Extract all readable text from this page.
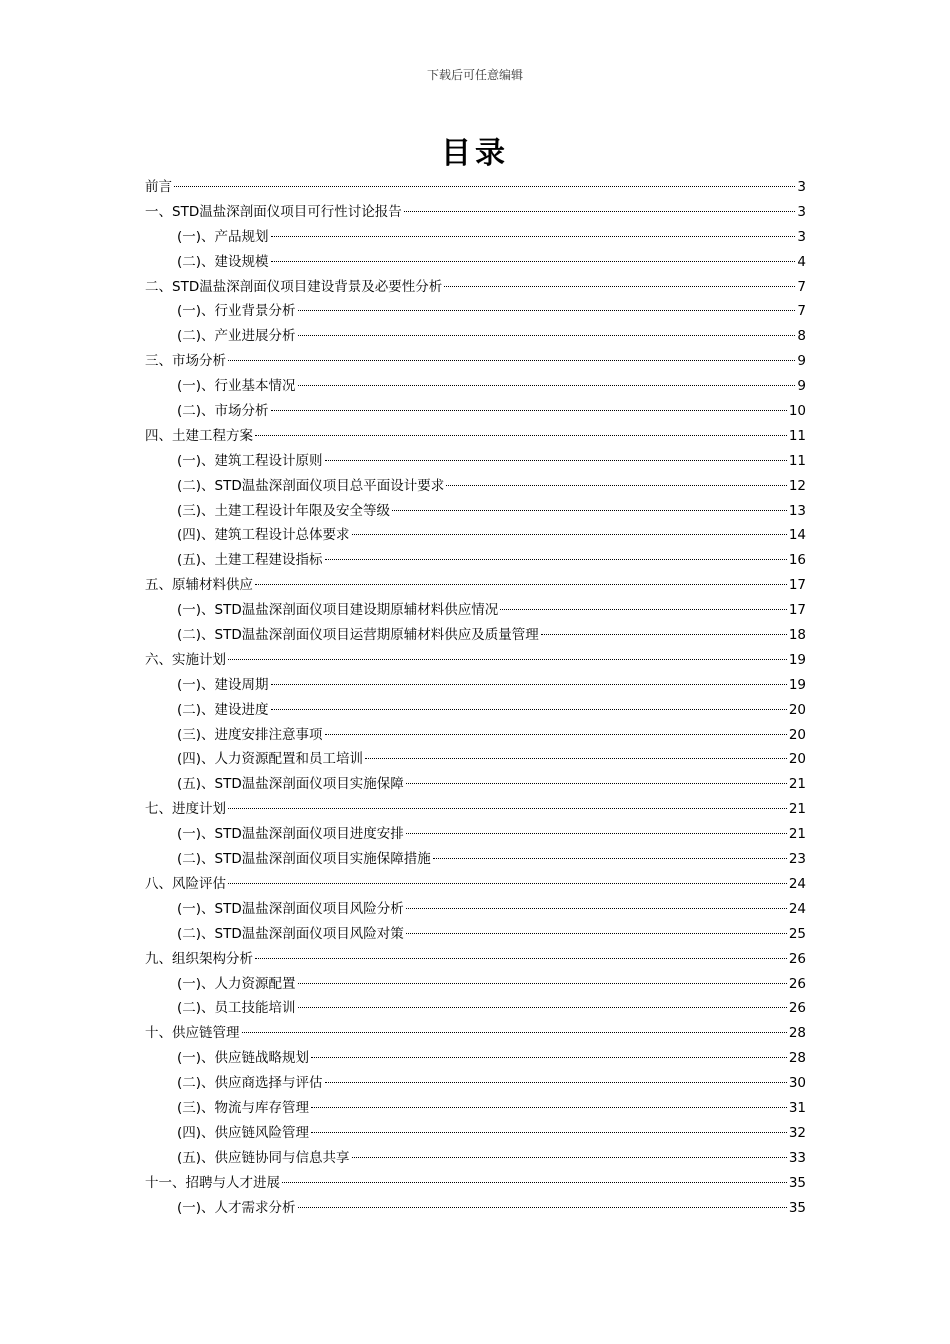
下载后可任意编辑
目录
前言	3
一、STD温盐深剖面仪项目可行性讨论报告	3
(一)、产品规划	3
(二)、建设规模	4
二、STD温盐深剖面仪项目建设背景及必要性分析	7
(一)、行业背景分析	7
(二)、产业进展分析	8
三、市场分析	9
(一)、行业基本情况	9
(二)、市场分析	10
四、土建工程方案	11
(一)、建筑工程设计原则	11
(二)、STD温盐深剖面仪项目总平面设计要求	12
(三)、土建工程设计年限及安全等级	13
(四)、建筑工程设计总体要求	14
(五)、土建工程建设指标	16
五、原辅材料供应	17
(一)、STD温盐深剖面仪项目建设期原辅材料供应情况	17
(二)、STD温盐深剖面仪项目运营期原辅材料供应及质量管理	18
六、实施计划	19
(一)、建设周期	19
(二)、建设进度	20
(三)、进度安排注意事项	20
(四)、人力资源配置和员工培训	20
(五)、STD温盐深剖面仪项目实施保障	21
七、进度计划	21
(一)、STD温盐深剖面仪项目进度安排	21
(二)、STD温盐深剖面仪项目实施保障措施	23
八、风险评估	24
(一)、STD温盐深剖面仪项目风险分析	24
(二)、STD温盐深剖面仪项目风险对策	25
九、组织架构分析	26
(一)、人力资源配置	26
(二)、员工技能培训	26
十、供应链管理	28
(一)、供应链战略规划	28
(二)、供应商选择与评估	30
(三)、物流与库存管理	31
(四)、供应链风险管理	32
(五)、供应链协同与信息共享	33
十一、招聘与人才进展	35
(一)、人才需求分析	35
